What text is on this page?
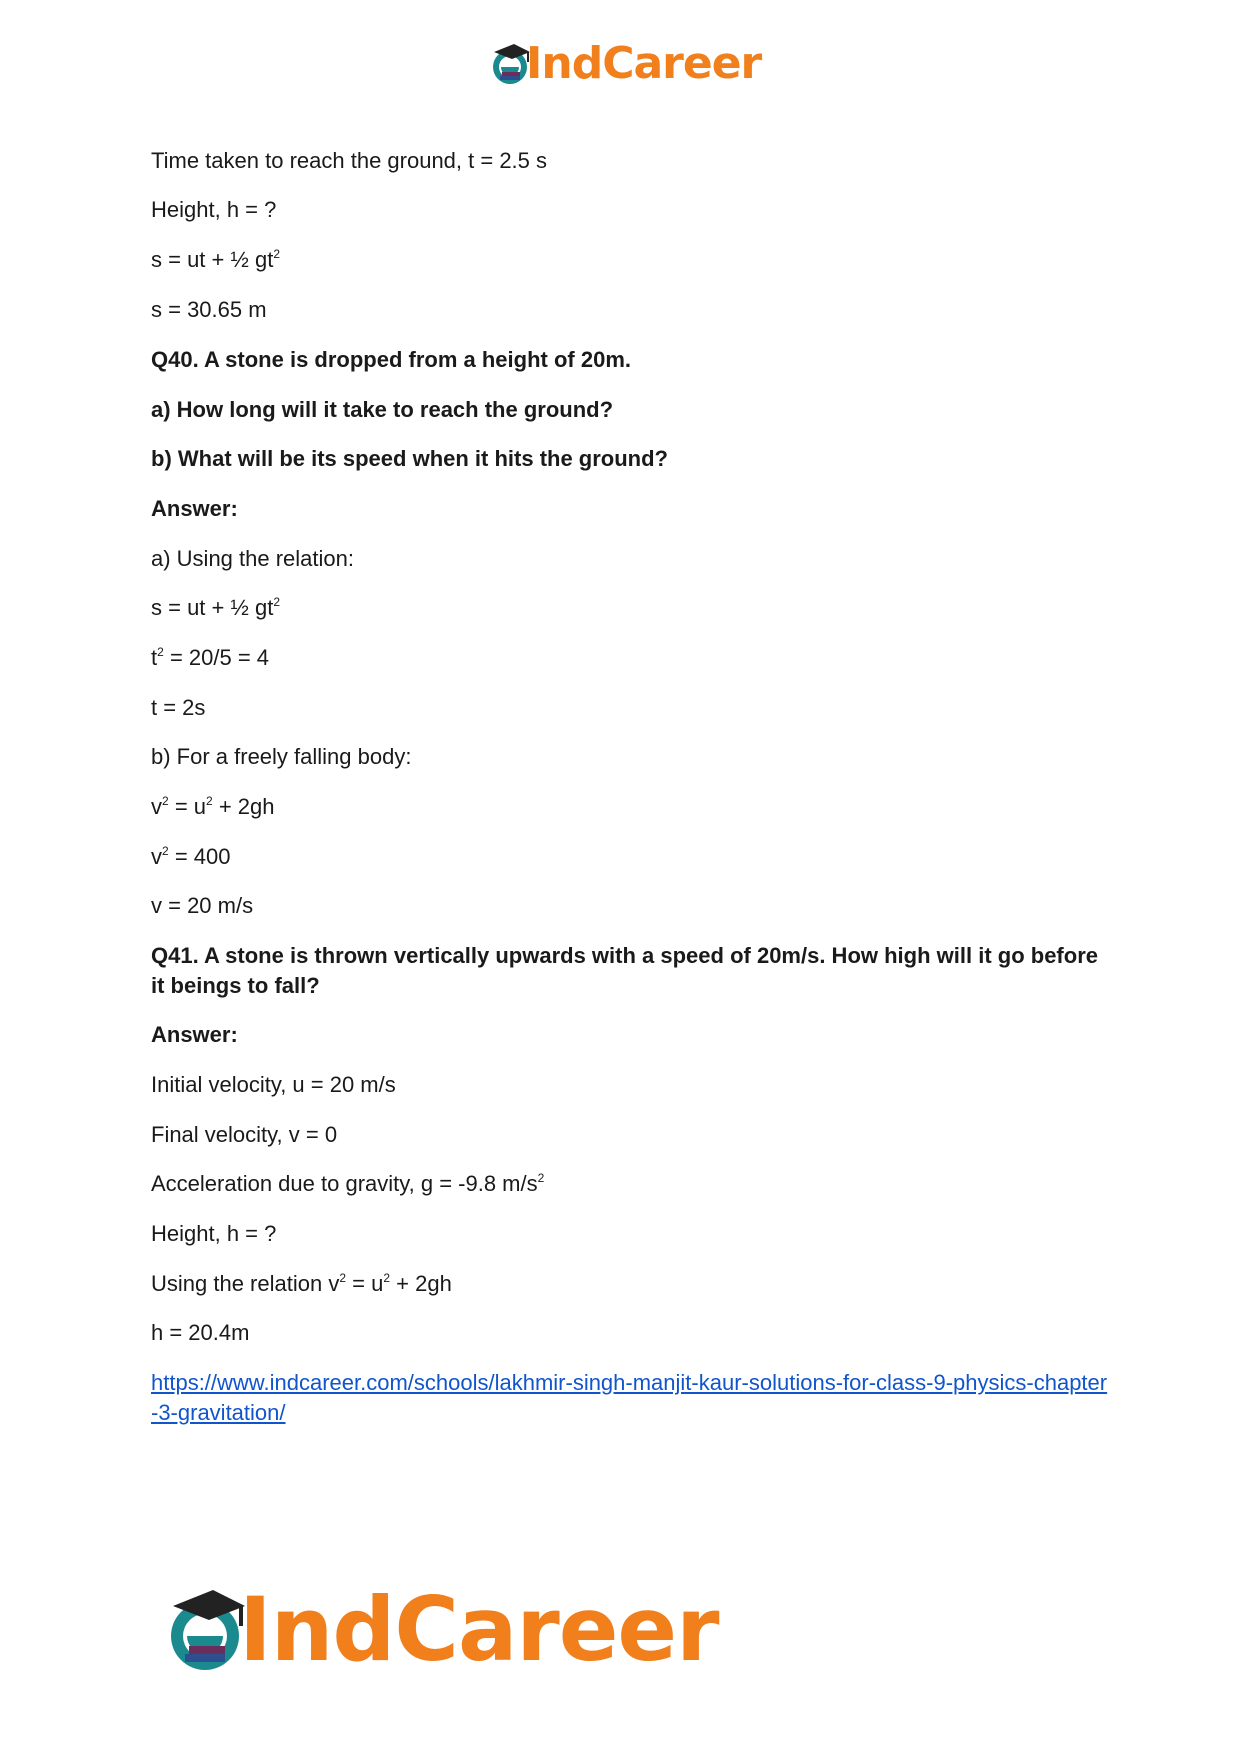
IndCareer
Time taken to reach the ground, t = 2.5 s
Height, h = ?
s = ut + ½ $gt^2$
s = 30.65 m
Q40. A stone is dropped from a height of 20m.
a) How long will it take to reach the ground?
b) What will be its speed when it hits the ground?
Answer:
a) Using the relation:
s = ut + ½ $gt^2$
$t^2 = 20/5 = 4$
t = 2s
b) For a freely falling body:
$v^2 = u^2 + 2gh$
$v^2 = 400$
v = 20 m/s
Q41. A stone is thrown vertically upwards with a speed of 20m/s. How high will it go before it beings to fall?
Answer:
Initial velocity, u = 20 m/s
Final velocity, v = 0
Acceleration due to gravity, g = -9.8 $m/s^2$
Height, h = ?
Using the relation $v^2 = u^2 + 2gh$
h = 20.4m
https://www.indcareer.com/schools/lakhmir-singh-manjit-kaur-solutions-for-class-9-physics-chapter-3-gravitation/
IndCareer
